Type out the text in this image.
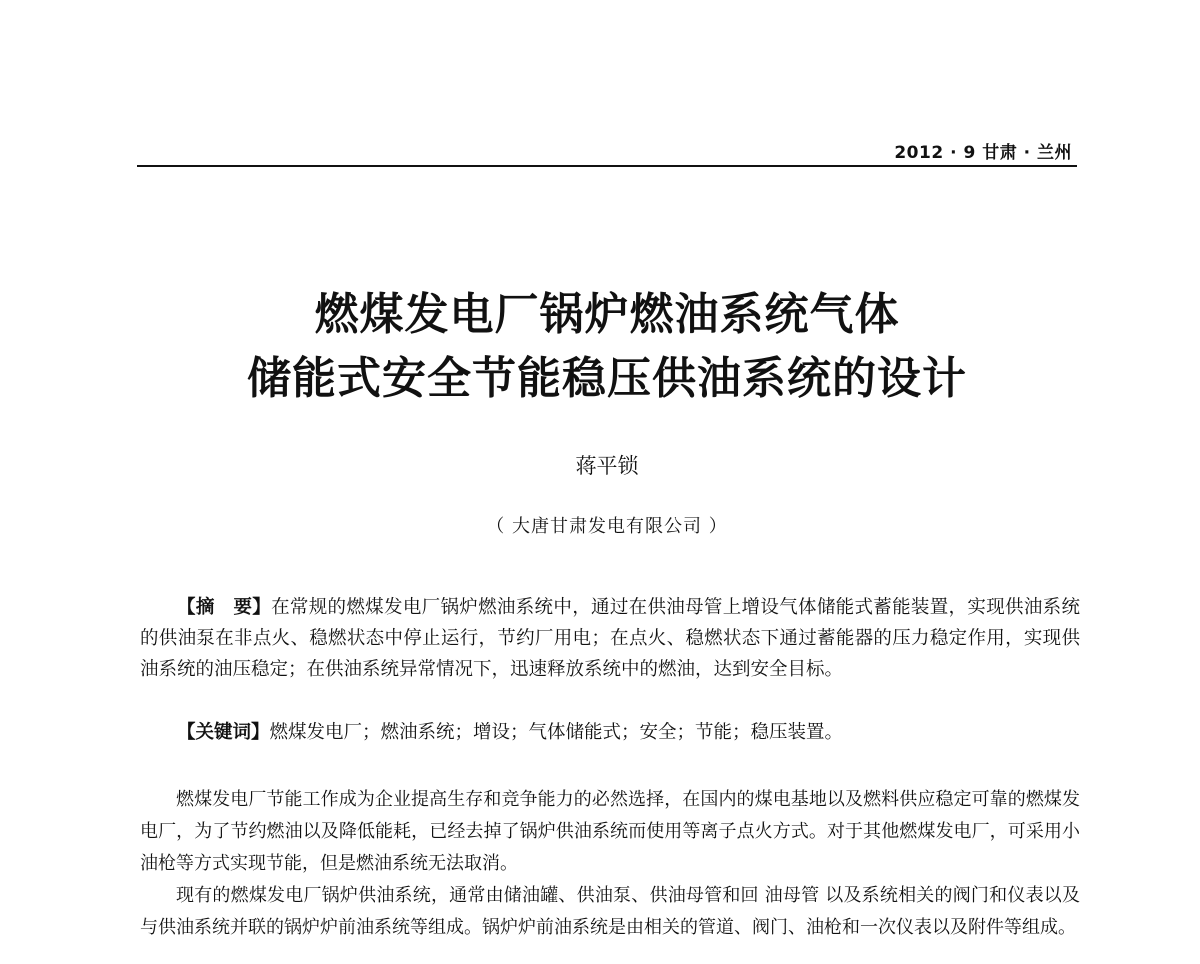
2012 · 9 甘肃 · 兰州
燃煤发电厂锅炉燃油系统气体
储能式安全节能稳压供油系统的设计
蒋平锁
（ 大唐甘肃发电有限公司 ）

【摘　要】在常规的燃煤发电厂锅炉燃油系统中，通过在供油母管上增设气体储能式蓄能装置，实现供油系统的供油泵在非点火、稳燃状态中停止运行，节约厂用电；在点火、稳燃状态下通过蓄能器的压力稳定作用，实现供油系统的油压稳定；在供油系统异常情况下，迅速释放系统中的燃油，达到安全目标。

【关键词】燃煤发电厂；燃油系统；增设；气体储能式；安全；节能；稳压装置。

燃煤发电厂节能工作成为企业提高生存和竞争能力的必然选择，在国内的煤电基地以及燃料供应稳定可靠的燃煤发电厂，为了节约燃油以及降低能耗，已经去掉了锅炉供油系统而使用等离子点火方式。对于其他燃煤发电厂，可采用小油枪等方式实现节能，但是燃油系统无法取消。

现有的燃煤发电厂锅炉供油系统，通常由储油罐、供油泵、供油母管和回 油母管 以及系统相关的阀门和仪表以及与供油系统并联的锅炉炉前油系统等组成。锅炉炉前油系统是由相关的管道、阀门、油枪和一次仪表以及附件等组成。
